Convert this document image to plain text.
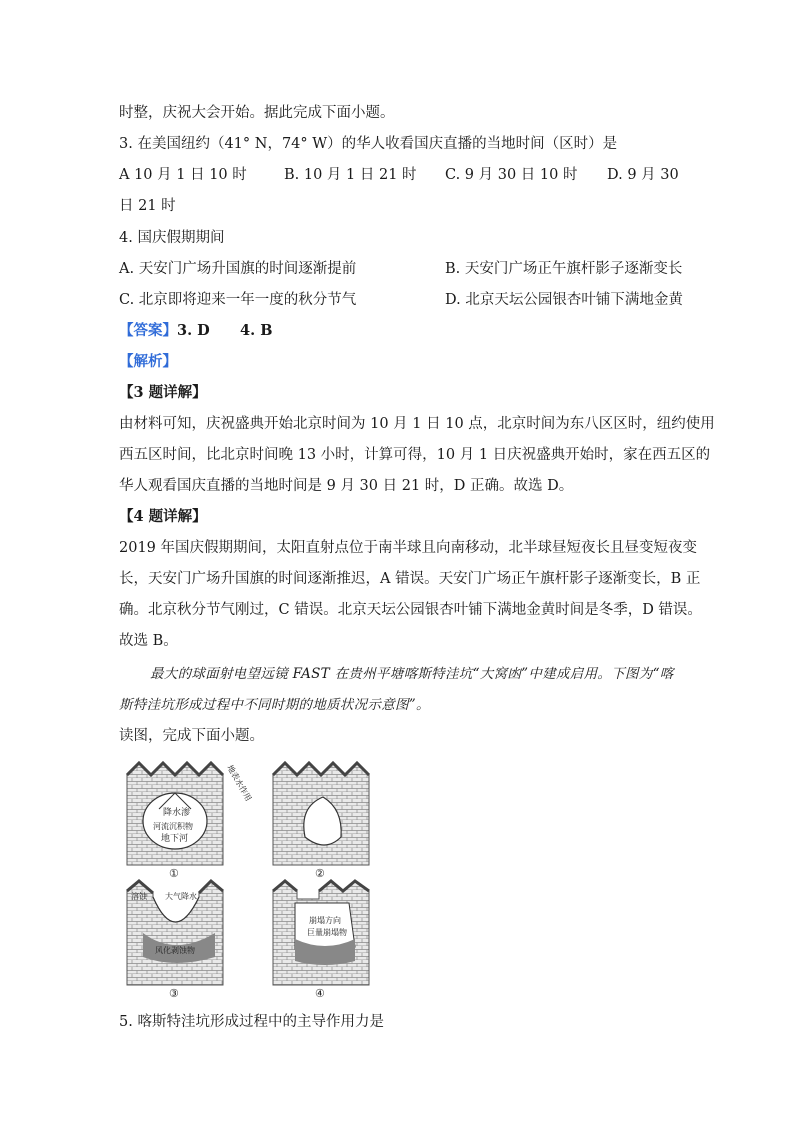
时整，庆祝大会开始。据此完成下面小题。
3. 在美国纽约（41° N，74° W）的华人收看国庆直播的当地时间（区时）是
A 10 月 1 日 10 时	B. 10 月 1 日 21 时 C. 9 月 30 日 10 时 D. 9 月 30
日 21 时
4. 国庆假期期间
A. 天安门广场升国旗的时间逐渐提前	B. 天安门广场正午旗杆影子逐渐变长
C. 北京即将迎来一年一度的秋分节气	D. 北京天坛公园银杏叶铺下满地金黄
【答案】3. D      4. B
【解析】
【3 题详解】
由材料可知，庆祝盛典开始北京时间为 10 月 1 日 10 点，北京时间为东八区区时，纽约使用
西五区时间，比北京时间晚 13 小时，计算可得，10 月 1 日庆祝盛典开始时，家在西五区的
华人观看国庆直播的当地时间是 9 月 30 日 21 时，D 正确。故选 D。
【4 题详解】
2019 年国庆假期期间，太阳直射点位于南半球且向南移动，北半球昼短夜长且昼变短夜变
长，天安门广场升国旗的时间逐渐推迟，A 错误。天安门广场正午旗杆影子逐渐变长，B 正
确。北京秋分节气刚过，C 错误。北京天坛公园银杏叶铺下满地金黄时间是冬季，D 错误。
故选 B。
最大的球面射电望远镜 FAST 在贵州平塘喀斯特洼坑“大窝凼”中建成启用。下图为“喀
斯特洼坑形成过程中不同时期的地质状况示意图”。
读图，完成下面小题。
降水渗
河流沉积物
地下河
地表水作用
①	②
大气降水
溶蚀
风化剥蚀物
③
崩塌方向
巨量崩塌物
④
5. 喀斯特洼坑形成过程中的主导作用力是
